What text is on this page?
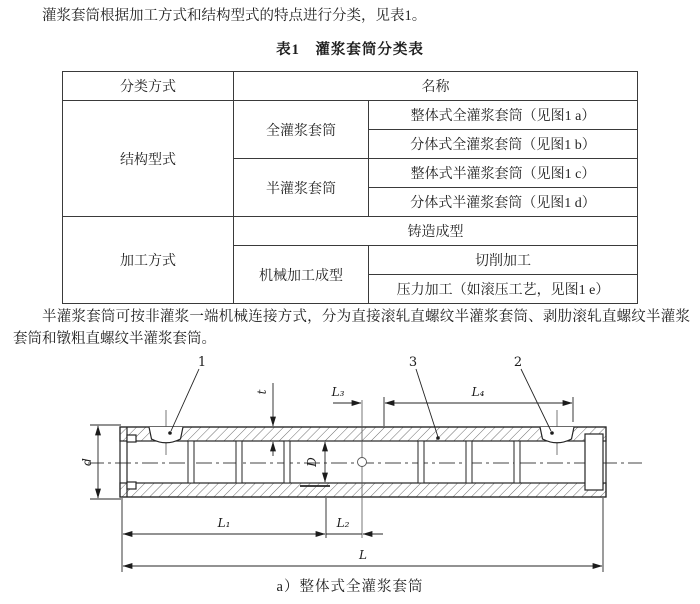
灌浆套筒根据加工方式和结构型式的特点进行分类，见表1。
表1　灌浆套筒分类表
分类方式	名称	
结构型式	全灌浆套筒	整体式全灌浆套筒（见图1 a）
		分体式全灌浆套筒（见图1 b）
	半灌浆套筒	整体式半灌浆套筒（见图1 c）
		分体式半灌浆套筒（见图1 d）
加工方式	铸造成型	
	机械加工成型	切削加工
		压力加工（如滚压工艺，见图1 e）
半灌浆套筒可按非灌浆一端机械连接方式，分为直接滚轧直螺纹半灌浆套筒、剥肋滚轧直螺纹半灌浆套筒和镦粗直螺纹半灌浆套筒。
1	3	2
t	L₃	L₄
d	D
L₁	L₂
L
a）整体式全灌浆套筒
